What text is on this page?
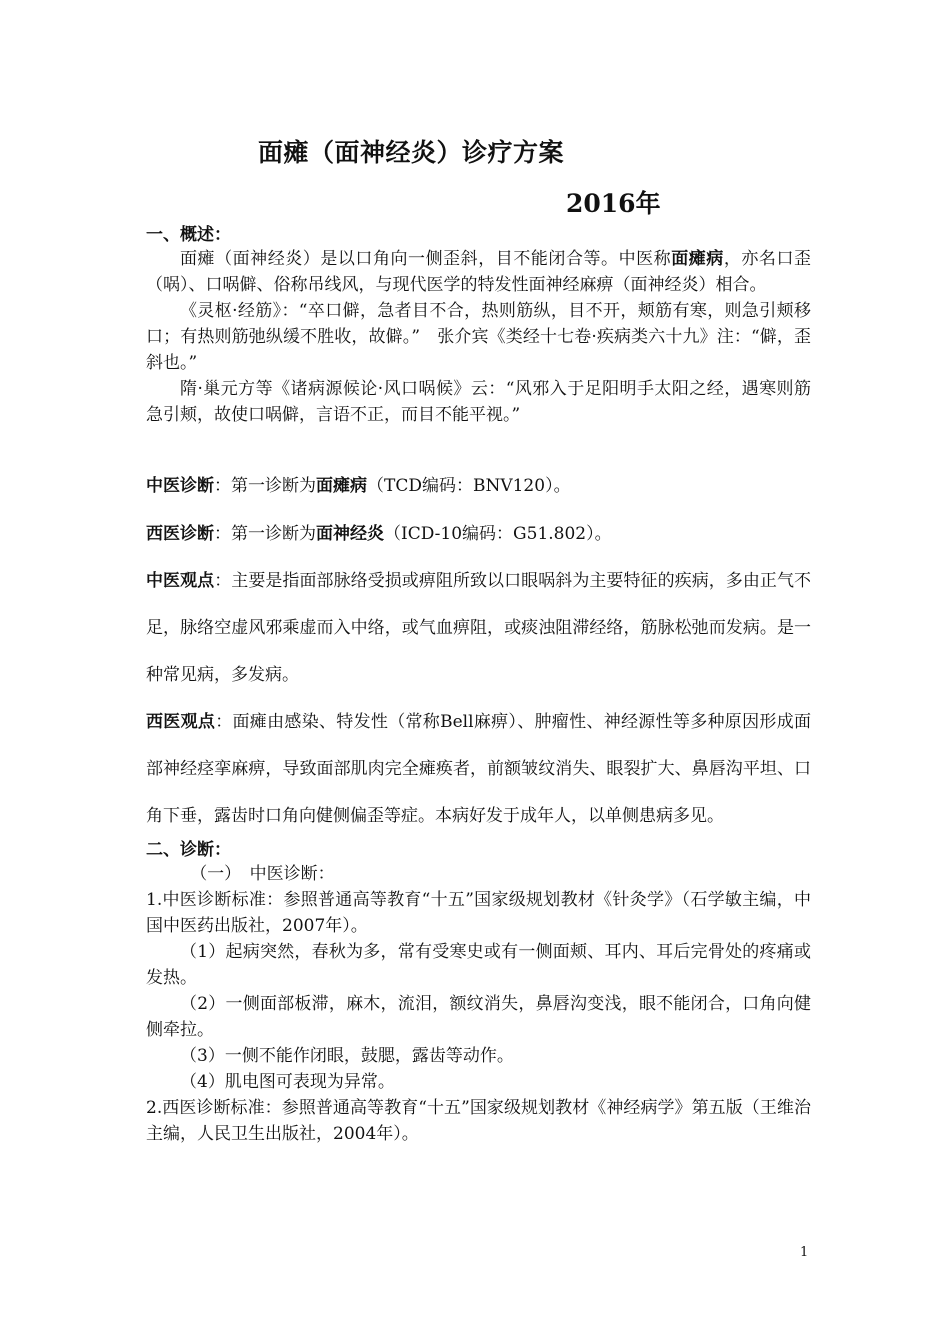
面瘫（面神经炎）诊疗方案
2016年

一、概述：

面瘫（面神经炎）是以口角向一侧歪斜，目不能闭合等。中医称面瘫病，亦名口歪（㖞）、口㖞僻、俗称吊线风，与现代医学的特发性面神经麻痹（面神经炎）相合。

《灵枢·经筋》：“卒口僻，急者目不合，热则筋纵，目不开，颊筋有寒，则急引颊移口；有热则筋弛纵缓不胜收，故僻。”　张介宾《类经十七卷·疾病类六十九》注：“僻，歪斜也。”

隋·巢元方等《诸病源候论·风口㖞候》云：“风邪入于足阳明手太阳之经，遇寒则筋急引颊，故使口㖞僻，言语不正，而目不能平视。”

中医诊断：第一诊断为面瘫病（TCD编码：BNV120）。

西医诊断：第一诊断为面神经炎（ICD-10编码：G51.802）。

中医观点：主要是指面部脉络受损或痹阻所致以口眼㖞斜为主要特征的疾病，多由正气不足，脉络空虚风邪乘虚而入中络，或气血痹阻，或痰浊阻滞经络，筋脉松弛而发病。是一种常见病，多发病。

西医观点：面瘫由感染、特发性（常称Bell麻痹）、肿瘤性、神经源性等多种原因形成面部神经痉挛麻痹，导致面部肌肉完全瘫痪者，前额皱纹消失、眼裂扩大、鼻唇沟平坦、口角下垂，露齿时口角向健侧偏歪等症。本病好发于成年人，以单侧患病多见。

二、诊断：

（一）　中医诊断：

1.中医诊断标准：参照普通高等教育“十五”国家级规划教材《针灸学》（石学敏主编，中国中医药出版社，2007年）。

（1）起病突然，春秋为多，常有受寒史或有一侧面颊、耳内、耳后完骨处的疼痛或发热。

（2）一侧面部板滞，麻木，流泪，额纹消失，鼻唇沟变浅，眼不能闭合，口角向健侧牵拉。

（3）一侧不能作闭眼，鼓腮，露齿等动作。

（4）肌电图可表现为异常。

2.西医诊断标准：参照普通高等教育“十五”国家级规划教材《神经病学》第五版（王维治主编，人民卫生出版社，2004年）。

1
